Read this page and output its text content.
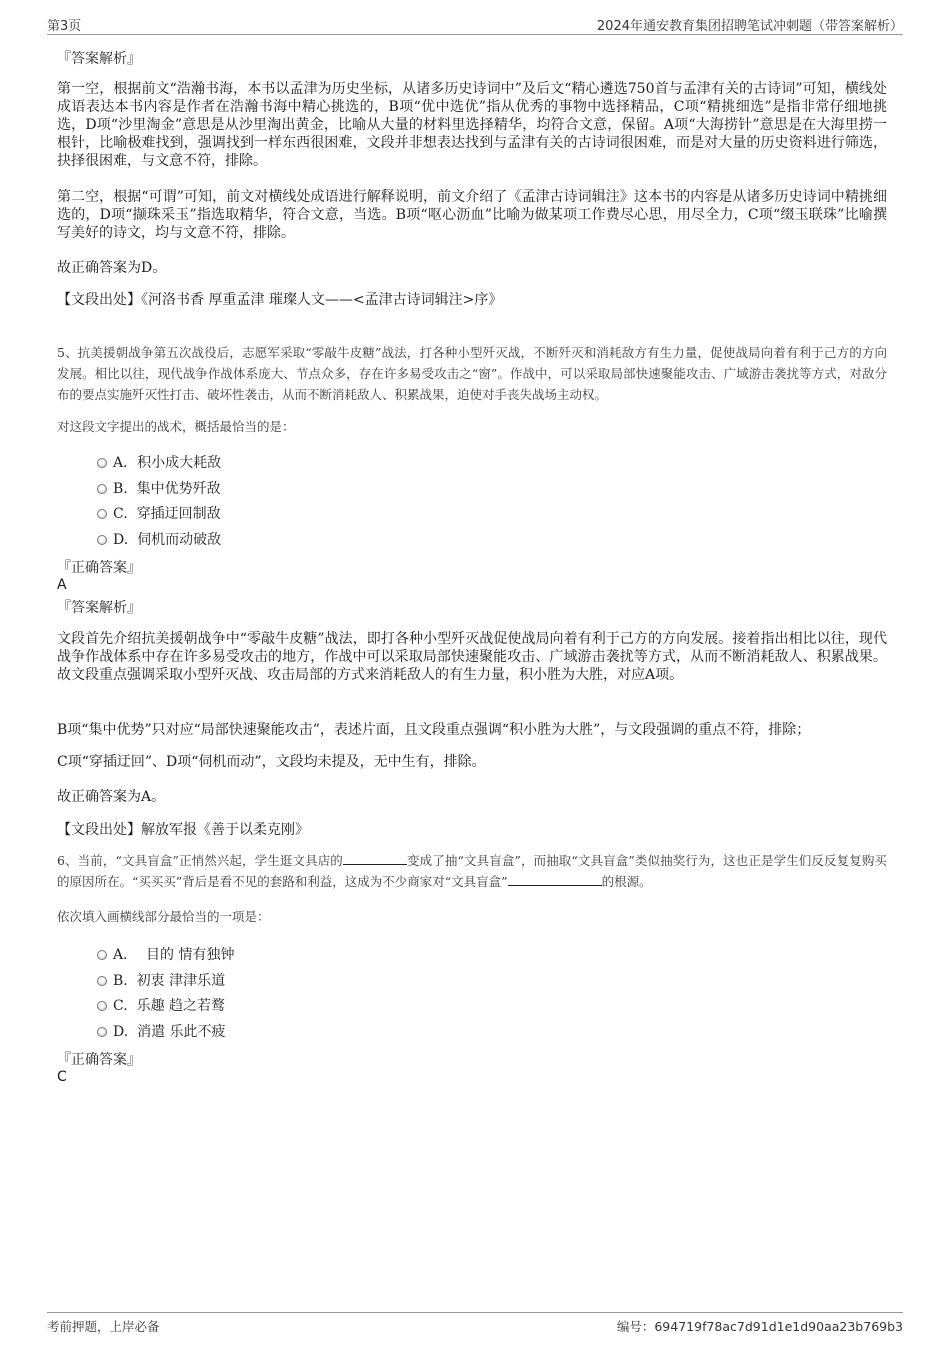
第3页	2024年通安教育集团招聘笔试冲刺题（带答案解析）
『答案解析』
第一空，根据前文“浩瀚书海，本书以孟津为历史坐标，从诸多历史诗词中”及后文“精心遴选750首与孟津有关的古诗词”可知，横线处成语表达本书内容是作者在浩瀚书海中精心挑选的，B项“优中选优”指从优秀的事物中选择精品，C项“精挑细选”是指非常仔细地挑选，D项“沙里淘金”意思是从沙里淘出黄金，比喻从大量的材料里选择精华，均符合文意，保留。A项“大海捞针”意思是在大海里捞一根针，比喻极难找到，强调找到一样东西很困难，文段并非想表达找到与孟津有关的古诗词很困难，而是对大量的历史资料进行筛选，抉择很困难，与文意不符，排除。
第二空，根据“可谓”可知，前文对横线处成语进行解释说明，前文介绍了《孟津古诗词辑注》这本书的内容是从诸多历史诗词中精挑细选的，D项“撷珠采玉”指选取精华，符合文意，当选。B项“呕心沥血”比喻为做某项工作费尽心思，用尽全力，C项“缀玉联珠”比喻撰写美好的诗文，均与文意不符，排除。
故正确答案为D。
【文段出处】《河洛书香 厚重孟津 璀璨人文——<孟津古诗词辑注>序》
5、抗美援朝战争第五次战役后，志愿军采取“零敲牛皮糖”战法，打各种小型歼灭战，不断歼灭和消耗敌方有生力量，促使战局向着有利于己方的方向发展。相比以往，现代战争作战体系庞大、节点众多，存在许多易受攻击之“窗”。作战中，可以采取局部快速聚能攻击、广域游击袭扰等方式，对敌分布的要点实施歼灭性打击、破坏性袭击，从而不断消耗敌人、积累战果，迫使对手丧失战场主动权。
对这段文字提出的战术，概括最恰当的是：
A．积小成大耗敌
B. 集中优势歼敌
C. 穿插迂回制敌
D. 伺机而动破敌
『正确答案』
A
『答案解析』
文段首先介绍抗美援朝战争中“零敲牛皮糖”战法，即打各种小型歼灭战促使战局向着有利于己方的方向发展。接着指出相比以往，现代战争作战体系中存在许多易受攻击的地方，作战中可以采取局部快速聚能攻击、广域游击袭扰等方式，从而不断消耗敌人、积累战果。故文段重点强调采取小型歼灭战、攻击局部的方式来消耗敌人的有生力量，积小胜为大胜，对应A项。
B项“集中优势”只对应“局部快速聚能攻击”，表述片面，且文段重点强调“积小胜为大胜”，与文段强调的重点不符，排除；
C项“穿插迂回”、D项“伺机而动”，文段均未提及，无中生有，排除。
故正确答案为A。
【文段出处】解放军报《善于以柔克刚》
6、当前，“文具盲盒”正悄然兴起，学生逛文具店的	变成了抽“文具盲盒”，而抽取“文具盲盒”类似抽奖行为，这也正是学生们反反复复购买的原因所在。“买买买”背后是看不见的套路和利益，这成为不少商家对“文具盲盒”	的根源。
依次填入画横线部分最恰当的一项是：
A． 目的 情有独钟
B. 初衷 津津乐道
C. 乐趣 趋之若鹜
D. 消遣 乐此不疲
『正确答案』
C
考前押题，上岸必备	编号：694719f78ac7d91d1e1d90aa23b769b3
